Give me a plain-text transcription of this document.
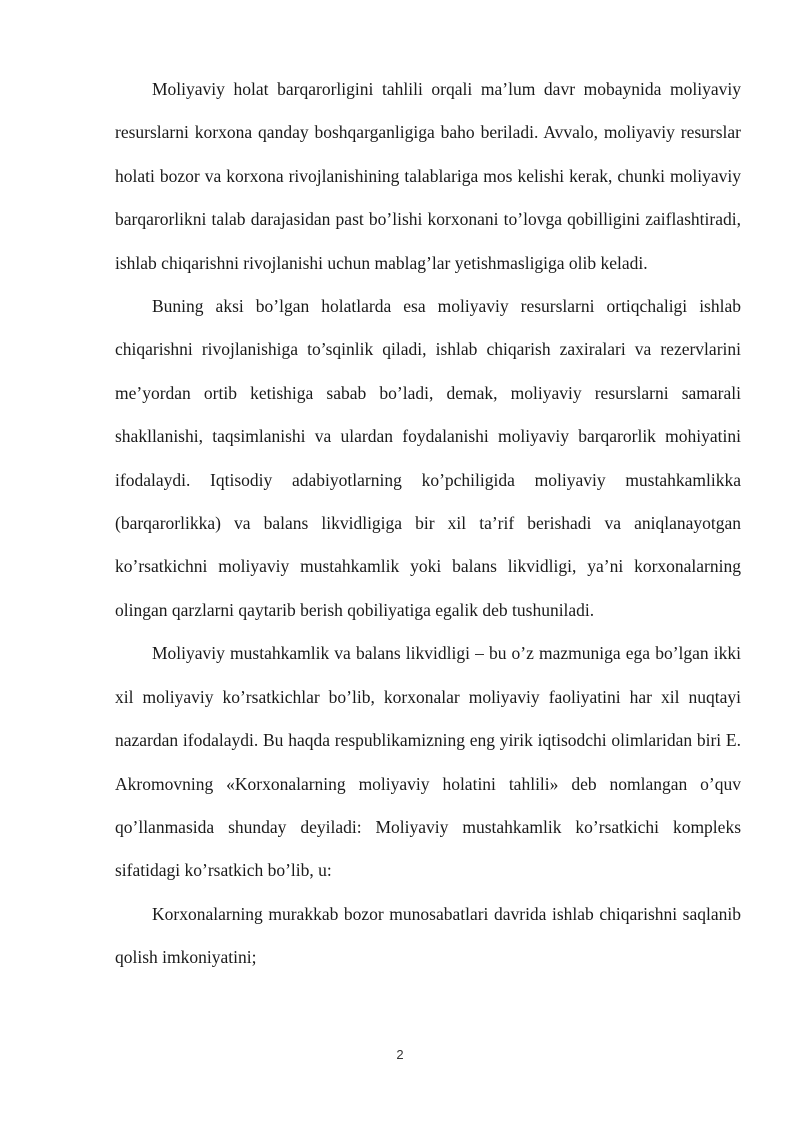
Moliyaviy holat barqarorligini tahlili orqali ma’lum davr mobaynida moliyaviy resurslarni korxona qanday boshqarganligiga baho beriladi. Avvalo, moliyaviy resurslar holati bozor va korxona rivojlanishining talablariga mos kelishi kerak, chunki moliyaviy barqarorlikni talab darajasidan past bo’lishi korxonani to’lovga qobilligini zaiflashtiradi, ishlab chiqarishni rivojlanishi uchun mablag’lar yetishmasligiga olib keladi.

Buning aksi bo’lgan holatlarda esa moliyaviy resurslarni ortiqchaligi ishlab chiqarishni rivojlanishiga to’sqinlik qiladi, ishlab chiqarish zaxiralari va rezervlarini me’yordan ortib ketishiga sabab bo’ladi, demak, moliyaviy resurslarni samarali shakllanishi, taqsimlanishi va ulardan foydalanishi moliyaviy barqarorlik mohiyatini ifodalaydi. Iqtisodiy adabiyotlarning ko’pchiligida moliyaviy mustahkamlikka (barqarorlikka) va balans likvidligiga bir xil ta’rif berishadi va aniqlanayotgan ko’rsatkichni moliyaviy mustahkamlik yoki balans likvidligi, ya’ni korxonalarning olingan qarzlarni qaytarib berish qobiliyatiga egalik deb tushuniladi.

Moliyaviy mustahkamlik va balans likvidligi – bu o’z mazmuniga ega bo’lgan ikki xil moliyaviy ko’rsatkichlar bo’lib, korxonalar moliyaviy faoliyatini har xil nuqtayi nazardan ifodalaydi. Bu haqda respublikamizning eng yirik iqtisodchi olimlaridan biri E. Akromovning «Korxonalarning moliyaviy holatini tahlili» deb nomlangan o’quv qo’llanmasida shunday deyiladi: Moliyaviy mustahkamlik ko’rsatkichi kompleks sifatidagi ko’rsatkich bo’lib, u:

Korxonalarning murakkab bozor munosabatlari davrida ishlab chiqarishni saqlanib qolish imkoniyatini;

2
